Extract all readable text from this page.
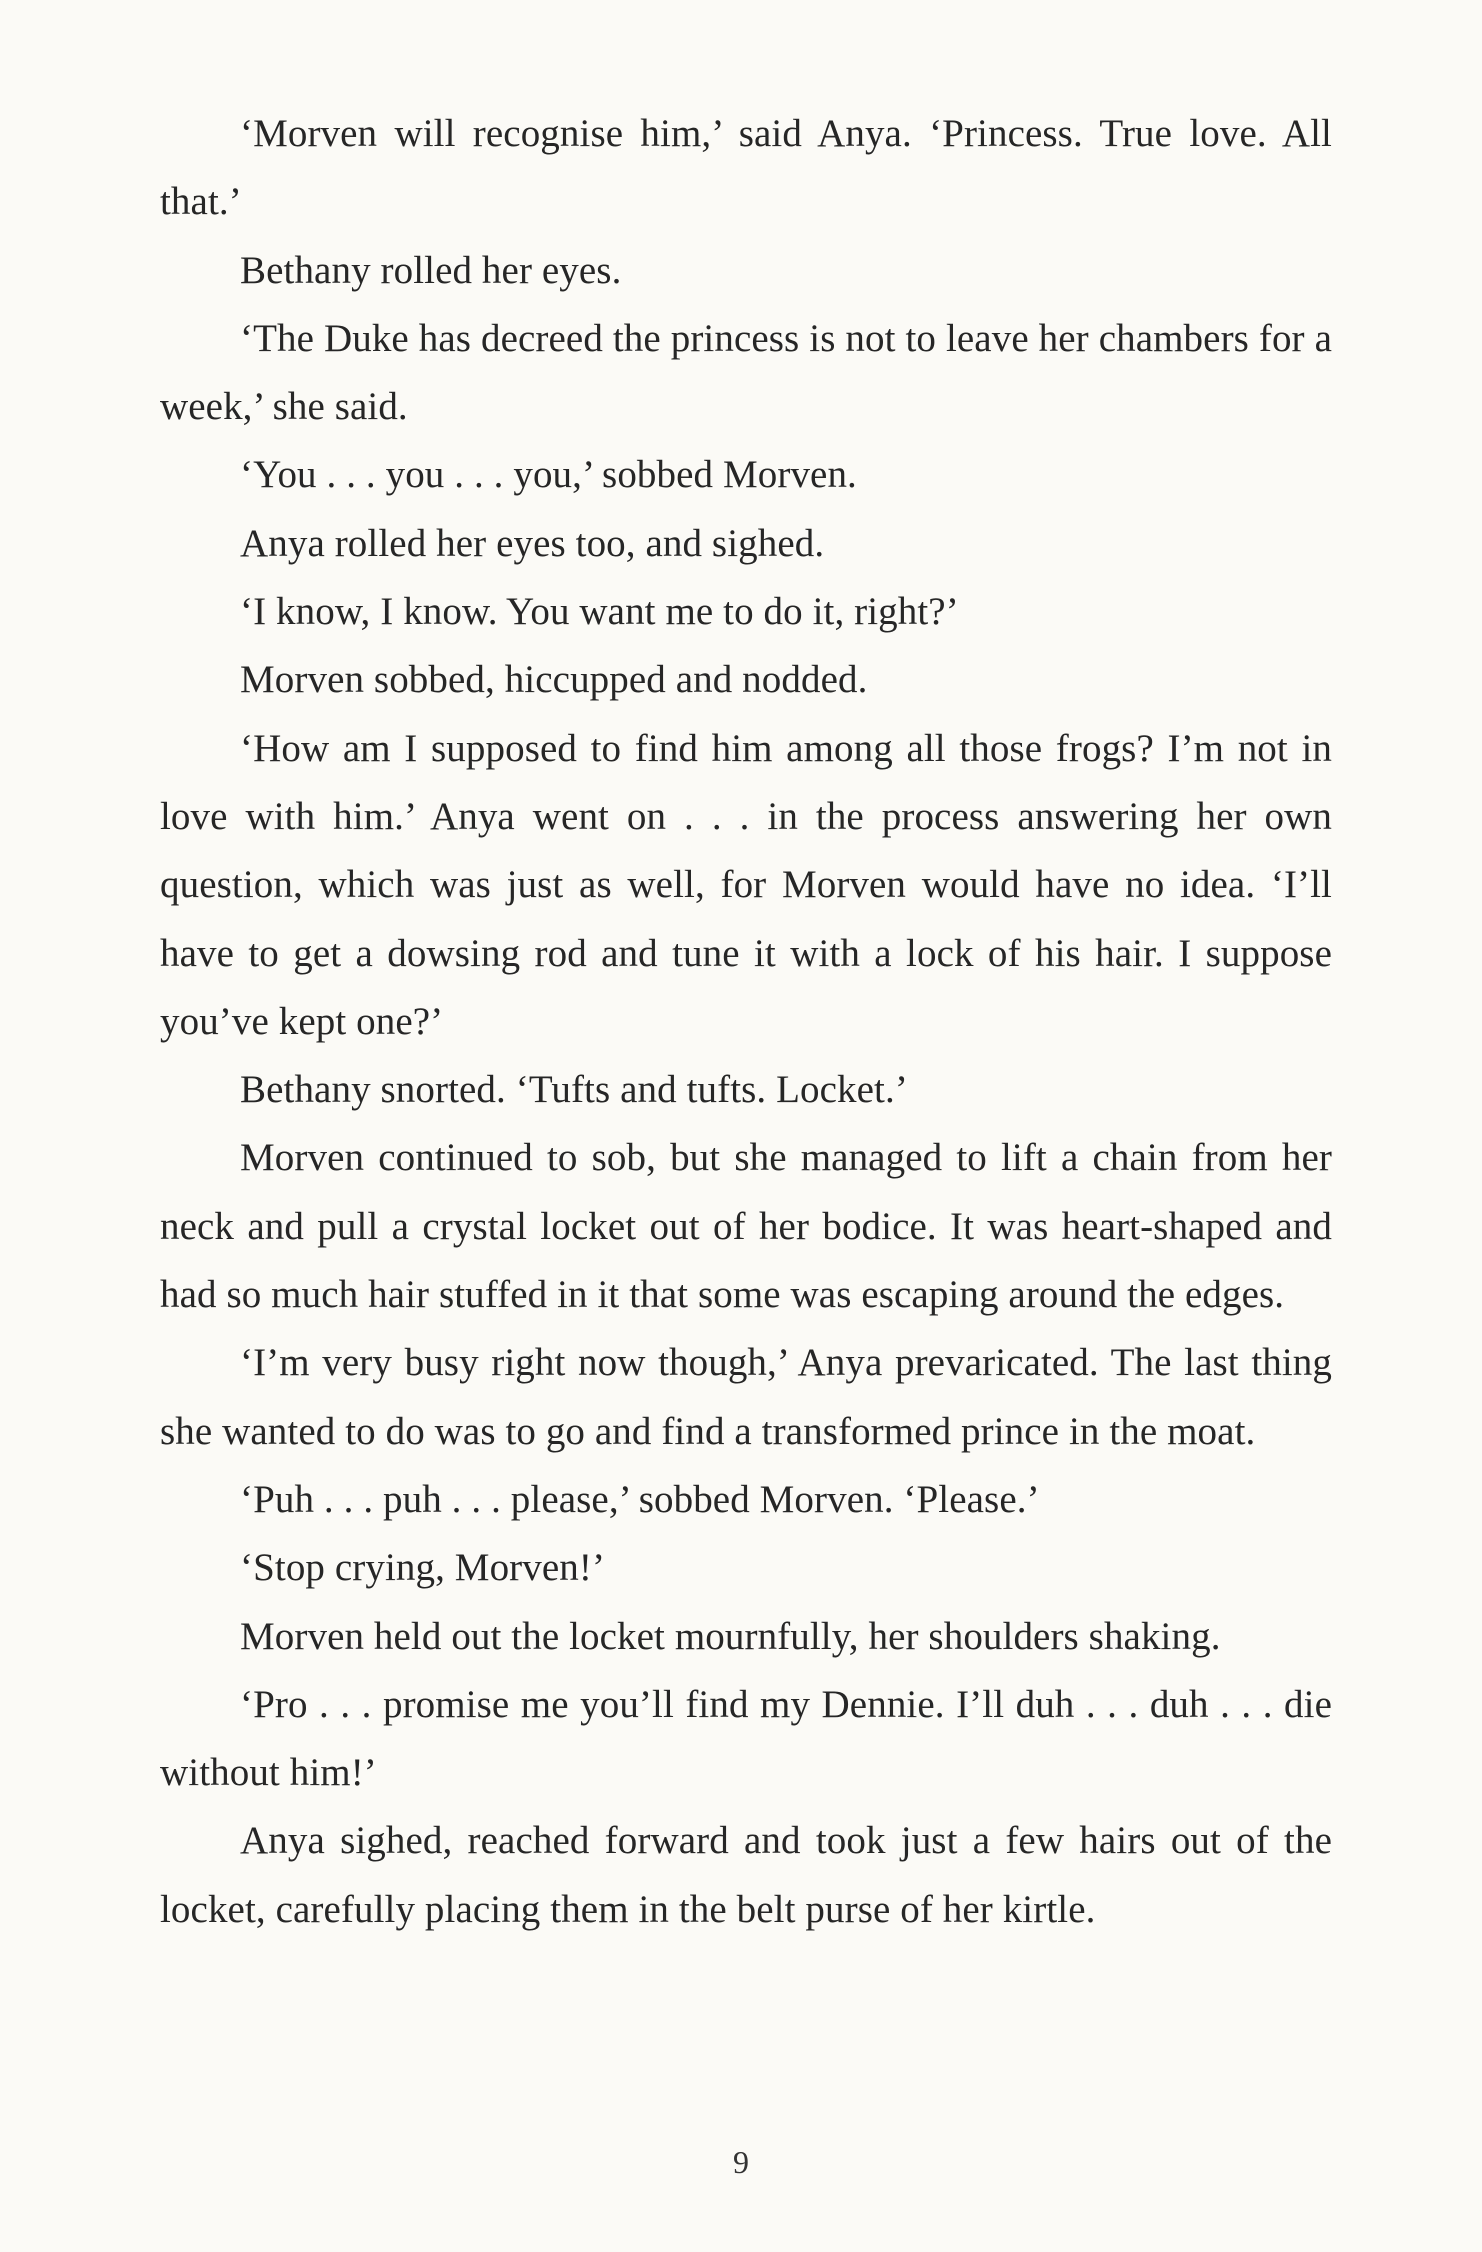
‘Morven will recognise him,’ said Anya. ‘Princess. True love. All that.’

Bethany rolled her eyes.

‘The Duke has decreed the princess is not to leave her chambers for a week,’ she said.

‘You . . . you . . . you,’ sobbed Morven.

Anya rolled her eyes too, and sighed.

‘I know, I know. You want me to do it, right?’

Morven sobbed, hiccupped and nodded.

‘How am I supposed to find him among all those frogs? I’m not in love with him.’ Anya went on . . . in the process answering her own question, which was just as well, for Morven would have no idea. ‘I’ll have to get a dowsing rod and tune it with a lock of his hair. I suppose you’ve kept one?’

Bethany snorted. ‘Tufts and tufts. Locket.’

Morven continued to sob, but she managed to lift a chain from her neck and pull a crystal locket out of her bodice. It was heart-shaped and had so much hair stuffed in it that some was escaping around the edges.

‘I’m very busy right now though,’ Anya prevaricated. The last thing she wanted to do was to go and find a transformed prince in the moat.

‘Puh . . . puh . . . please,’ sobbed Morven. ‘Please.’

‘Stop crying, Morven!’

Morven held out the locket mournfully, her shoulders shaking.

‘Pro . . . promise me you’ll find my Dennie. I’ll duh . . . duh . . . die without him!’

Anya sighed, reached forward and took just a few hairs out of the locket, carefully placing them in the belt purse of her kirtle.

9
